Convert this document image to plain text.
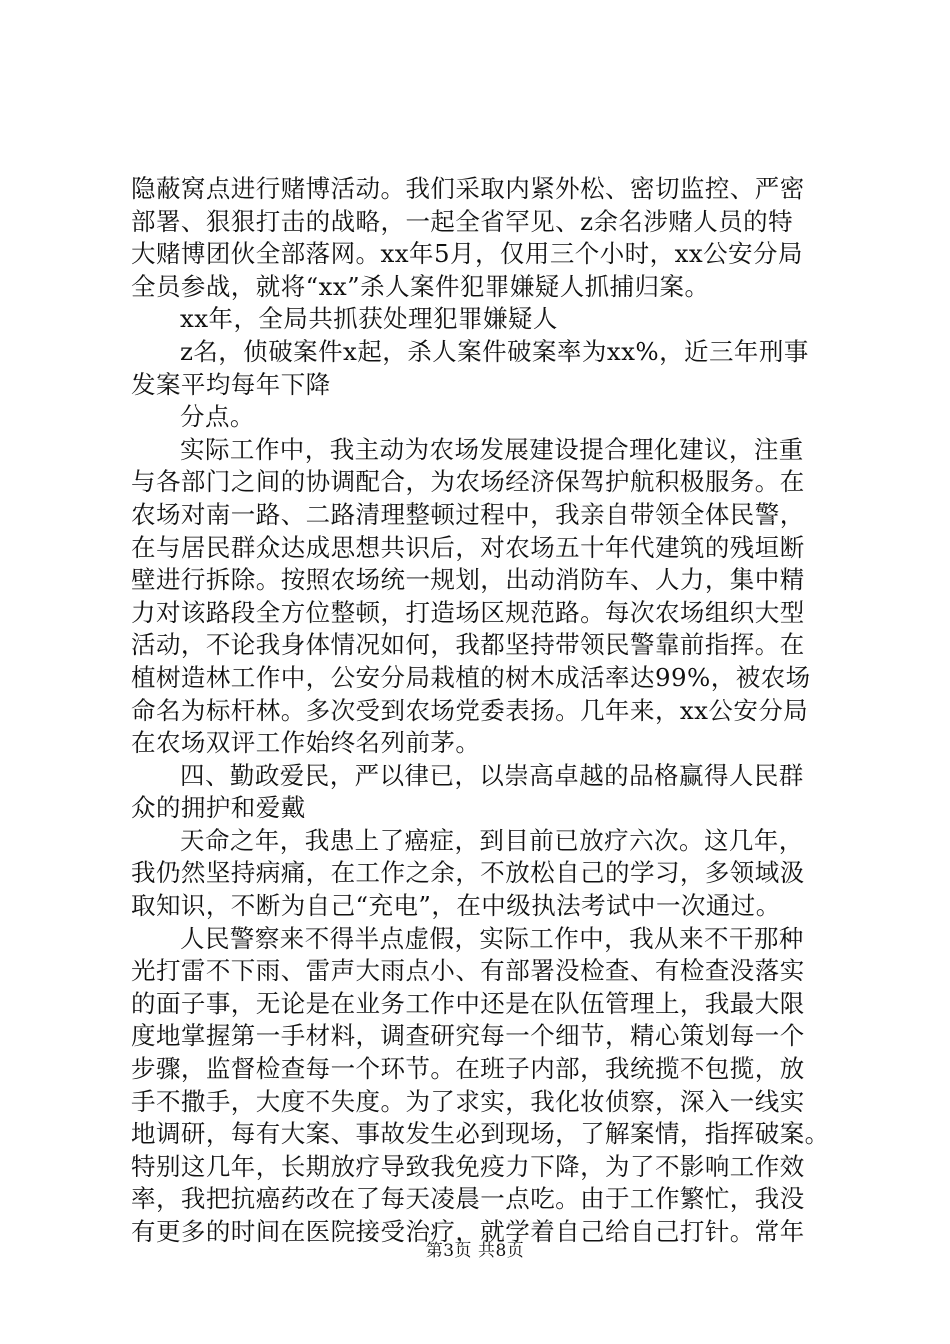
隐蔽窝点进行赌博活动。我们采取内紧外松、密切监控、严密
部署、狠狠打击的战略，一起全省罕见、z余名涉赌人员的特
大赌博团伙全部落网。xx年5月，仅用三个小时，xx公安分局
全员参战，就将“xx”杀人案件犯罪嫌疑人抓捕归案。
xx年，全局共抓获处理犯罪嫌疑人
z名，侦破案件x起，杀人案件破案率为xx%，近三年刑事
发案平均每年下降
分点。
实际工作中，我主动为农场发展建设提合理化建议，注重
与各部门之间的协调配合，为农场经济保驾护航积极服务。在
农场对南一路、二路清理整顿过程中，我亲自带领全体民警，
在与居民群众达成思想共识后，对农场五十年代建筑的残垣断
壁进行拆除。按照农场统一规划，出动消防车、人力，集中精
力对该路段全方位整顿，打造场区规范路。每次农场组织大型
活动，不论我身体情况如何，我都坚持带领民警靠前指挥。在
植树造林工作中，公安分局栽植的树木成活率达99%，被农场
命名为标杆林。多次受到农场党委表扬。几年来，xx公安分局
在农场双评工作始终名列前茅。
四、勤政爱民，严以律已，以崇高卓越的品格赢得人民群
众的拥护和爱戴
天命之年，我患上了癌症，到目前已放疗六次。这几年，
我仍然坚持病痛，在工作之余，不放松自己的学习，多领域汲
取知识，不断为自己“充电”，在中级执法考试中一次通过。
人民警察来不得半点虚假，实际工作中，我从来不干那种
光打雷不下雨、雷声大雨点小、有部署没检查、有检查没落实
的面子事，无论是在业务工作中还是在队伍管理上，我最大限
度地掌握第一手材料，调查研究每一个细节，精心策划每一个
步骤，监督检查每一个环节。在班子内部，我统揽不包揽，放
手不撒手，大度不失度。为了求实，我化妆侦察，深入一线实
地调研，每有大案、事故发生必到现场，了解案情，指挥破案。
特别这几年，长期放疗导致我免疫力下降，为了不影响工作效
率，我把抗癌药改在了每天凌晨一点吃。由于工作繁忙，我没
有更多的时间在医院接受治疗，就学着自己给自己打针。常年
第3页 共8页
